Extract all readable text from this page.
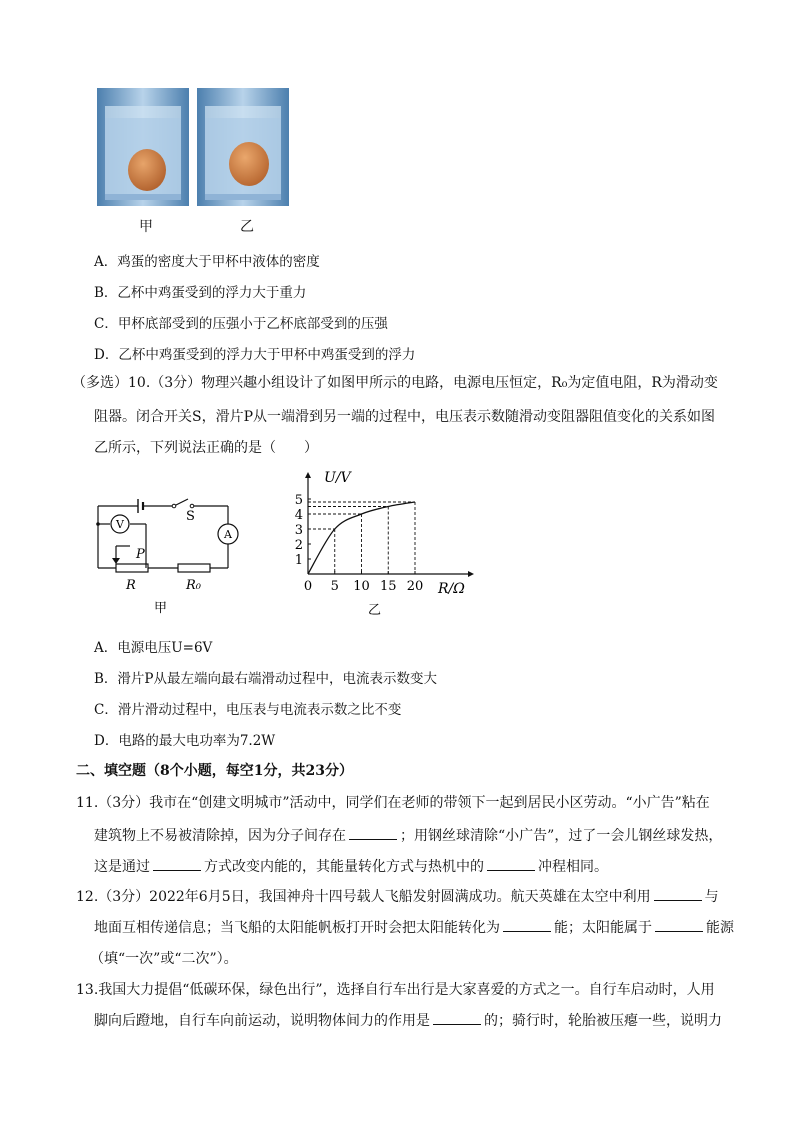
甲	乙
A．鸡蛋的密度大于甲杯中液体的密度
B．乙杯中鸡蛋受到的浮力大于重力
C．甲杯底部受到的压强小于乙杯底部受到的压强
D．乙杯中鸡蛋受到的浮力大于甲杯中鸡蛋受到的浮力
（多选）10.（3分）物理兴趣小组设计了如图甲所示的电路，电源电压恒定，R₀为定值电阻，R为滑动变
阻器。闭合开关S，滑片P从一端滑到另一端的过程中，电压表示数随滑动变阻器阻值变化的关系如图
乙所示，下列说法正确的是（　　）
V
A
S
P
R	R₀
甲
0 5 10 15 20
1
2
3
4
5
U/V
R/Ω
乙
A．电源电压U=6V
B．滑片P从最左端向最右端滑动过程中，电流表示数变大
C．滑片滑动过程中，电压表与电流表示数之比不变
D．电路的最大电功率为7.2W
二、填空题（8个小题，每空1分，共23分）
11.（3分）我市在“创建文明城市”活动中，同学们在老师的带领下一起到居民小区劳动。“小广告”粘在
建筑物上不易被清除掉，因为分子间存在	；用钢丝球清除“小广告”，过了一会儿钢丝球发热，
这是通过	方式改变内能的，其能量转化方式与热机中的	冲程相同。
12.（3分）2022年6月5日，我国神舟十四号载人飞船发射圆满成功。航天英雄在太空中利用	与
地面互相传递信息；当飞船的太阳能帆板打开时会把太阳能转化为	能；太阳能属于	能源
（填“一次”或“二次”）。
13.我国大力提倡“低碳环保，绿色出行”，选择自行车出行是大家喜爱的方式之一。自行车启动时，人用
脚向后蹬地，自行车向前运动，说明物体间力的作用是	的；骑行时，轮胎被压瘪一些，说明力
